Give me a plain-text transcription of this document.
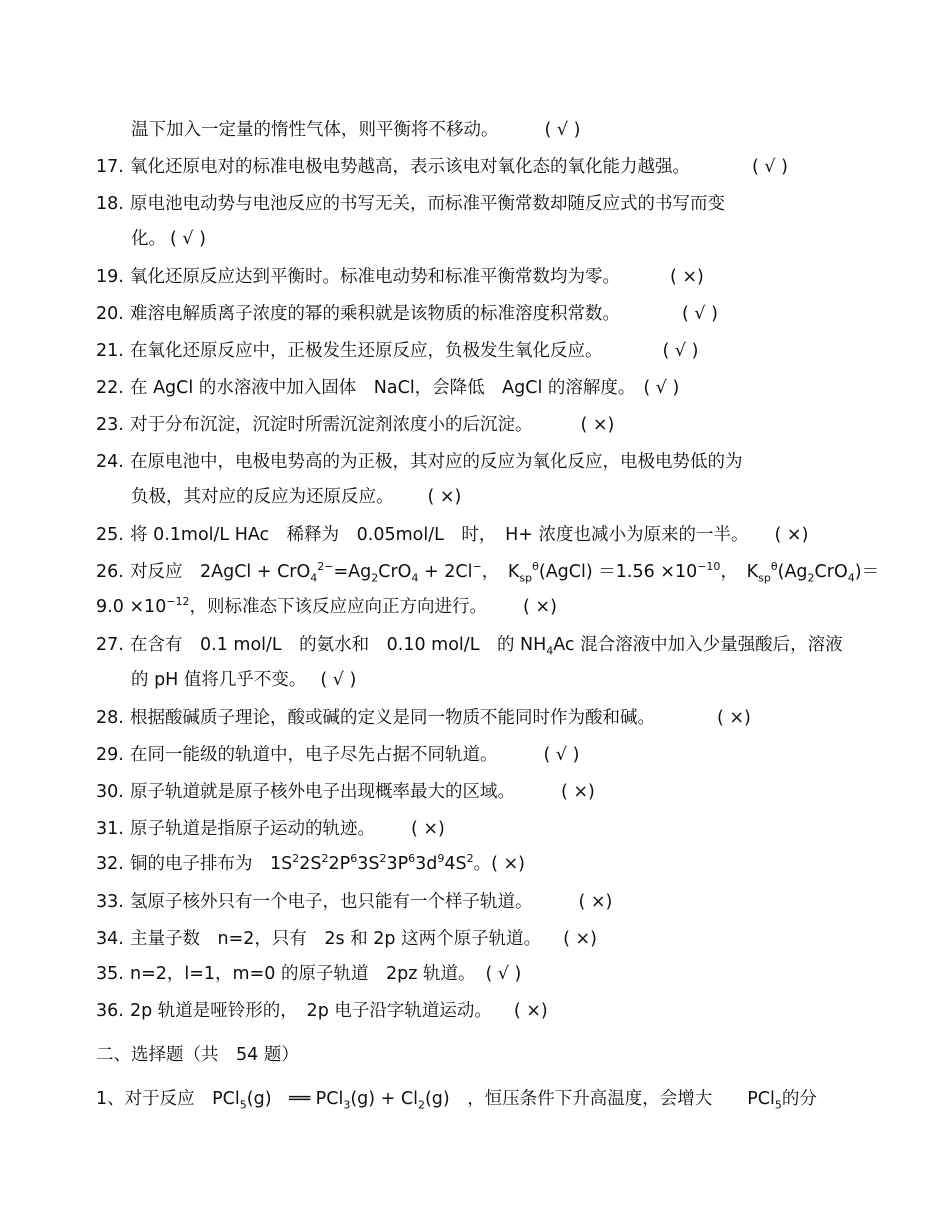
温下加入一定量的惰性气体，则平衡将不移动。	( √ )
17. 氧化还原电对的标准电极电势越高，表示该电对氧化态的氧化能力越强。	( √ )
18. 原电池电动势与电池反应的书写无关，而标准平衡常数却随反应式的书写而变
化。 ( √ )
19. 氧化还原反应达到平衡时。标准电动势和标准平衡常数均为零。	( ×)
20. 难溶电解质离子浓度的幂的乘积就是该物质的标准溶度积常数。	( √ )
21. 在氧化还原反应中，正极发生还原反应，负极发生氧化反应。	( √ )
22. 在 AgCl 的水溶液中加入固体　NaCl，会降低　AgCl 的溶解度。 ( √ )
23. 对于分布沉淀，沉淀时所需沉淀剂浓度小的后沉淀。	( ×)
24. 在原电池中，电极电势高的为正极，其对应的反应为氧化反应，电极电势低的为
负极，其对应的反应为还原反应。 ( ×)
25. 将 0.1mol/L HAc　稀释为　0.05mol/L　时，　H+ 浓度也减小为原来的一半。 ( ×)
26. 对反应　2AgCl + $CrO_4^{2-}=Ag_2CrO_4 + 2Cl^-$，　$K_{sp}^\theta(AgCl) =1.56 \times 10^{-10}$，　$K_{sp}^\theta(Ag_2CrO_4)=$
$9.0 \times 10^{-12}$，则标准态下该反应应向正方向进行。 ( ×)
27. 在含有　0.1 mol/L　的氨水和　0.10 mol/L　的 $NH_4Ac$ 混合溶液中加入少量强酸后，溶液
的 pH 值将几乎不变。 ( √ )
28. 根据酸碱质子理论，酸或碱的定义是同一物质不能同时作为酸和碱。	( ×)
29. 在同一能级的轨道中，电子尽先占据不同轨道。	( √ )
30. 原子轨道就是原子核外电子出现概率最大的区域。	( ×)
31. 原子轨道是指原子运动的轨迹。 ( ×)
32. 铜的电子排布为　$1S^22S^22P^63S^23P^63d^94S^2$。( ×)
33. 氢原子核外只有一个电子，也只能有一个样子轨道。	( ×)
34. 主量子数　n=2，只有　2s 和 2p 这两个原子轨道。 ( ×)
35. n=2，l=1，m=0 的原子轨道　2pz 轨道。 ( √ )
36. 2p 轨道是哑铃形的，　2p 电子沿字轨道运动。 ( ×)
二、选择题（共　54 题）
1、对于反应　PCl$_5$(g)　══ $PCl_3(g) + Cl_2(g)$　，恒压条件下升高温度，会增大　　PCl$_5$的分
